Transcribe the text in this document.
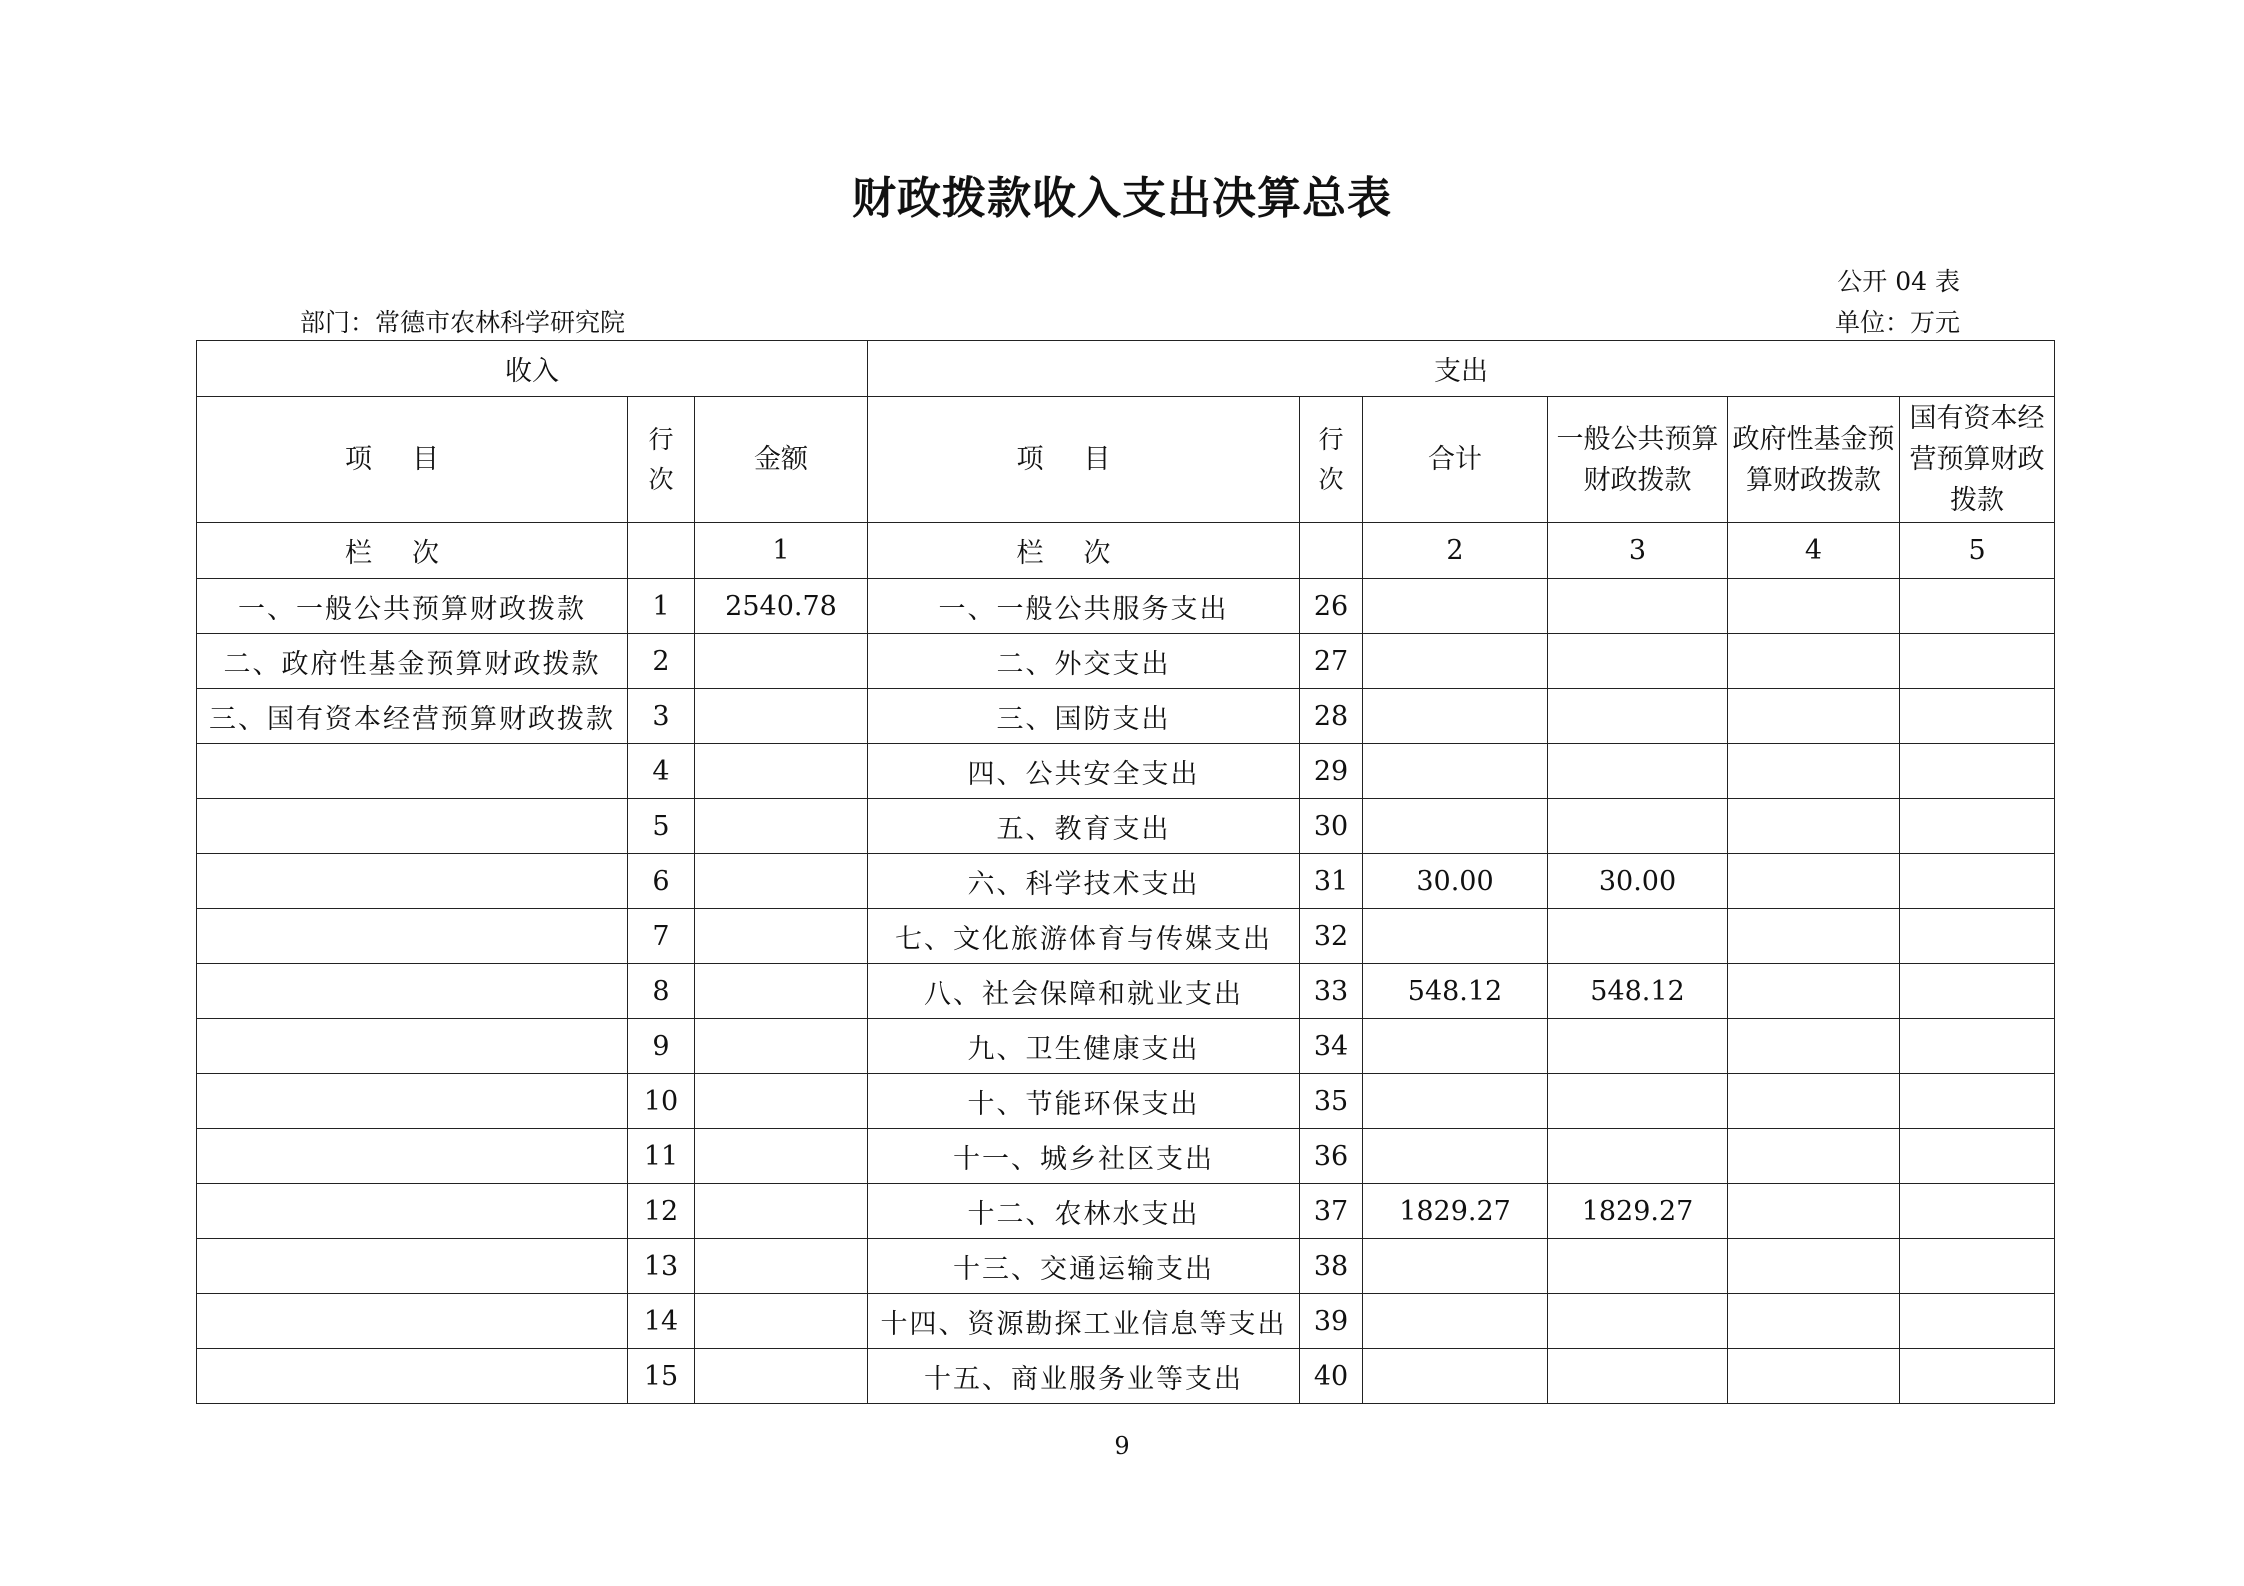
财政拨款收入支出决算总表
公开 04 表
部门：常德市农林科学研究院	单位：万元
收入			支出					
项目	行次	金额	项目	行次	合计	一般公共预算财政拨款	政府性基金预算财政拨款	国有资本经营预算财政拨款
栏次		1	栏次		2	3	4	5
一、一般公共预算财政拨款	1	2540.78	一、一般公共服务支出	26				
二、政府性基金预算财政拨款	2		二、外交支出	27				
三、国有资本经营预算财政拨款	3		三、国防支出	28				
	4		四、公共安全支出	29				
	5		五、教育支出	30				
	6		六、科学技术支出	31	30.00	30.00		
	7		七、文化旅游体育与传媒支出	32				
	8		八、社会保障和就业支出	33	548.12	548.12		
	9		九、卫生健康支出	34				
	10		十、节能环保支出	35				
	11		十一、城乡社区支出	36				
	12		十二、农林水支出	37	1829.27	1829.27		
	13		十三、交通运输支出	38				
	14		十四、资源勘探工业信息等支出	39				
	15		十五、商业服务业等支出	40				
9
